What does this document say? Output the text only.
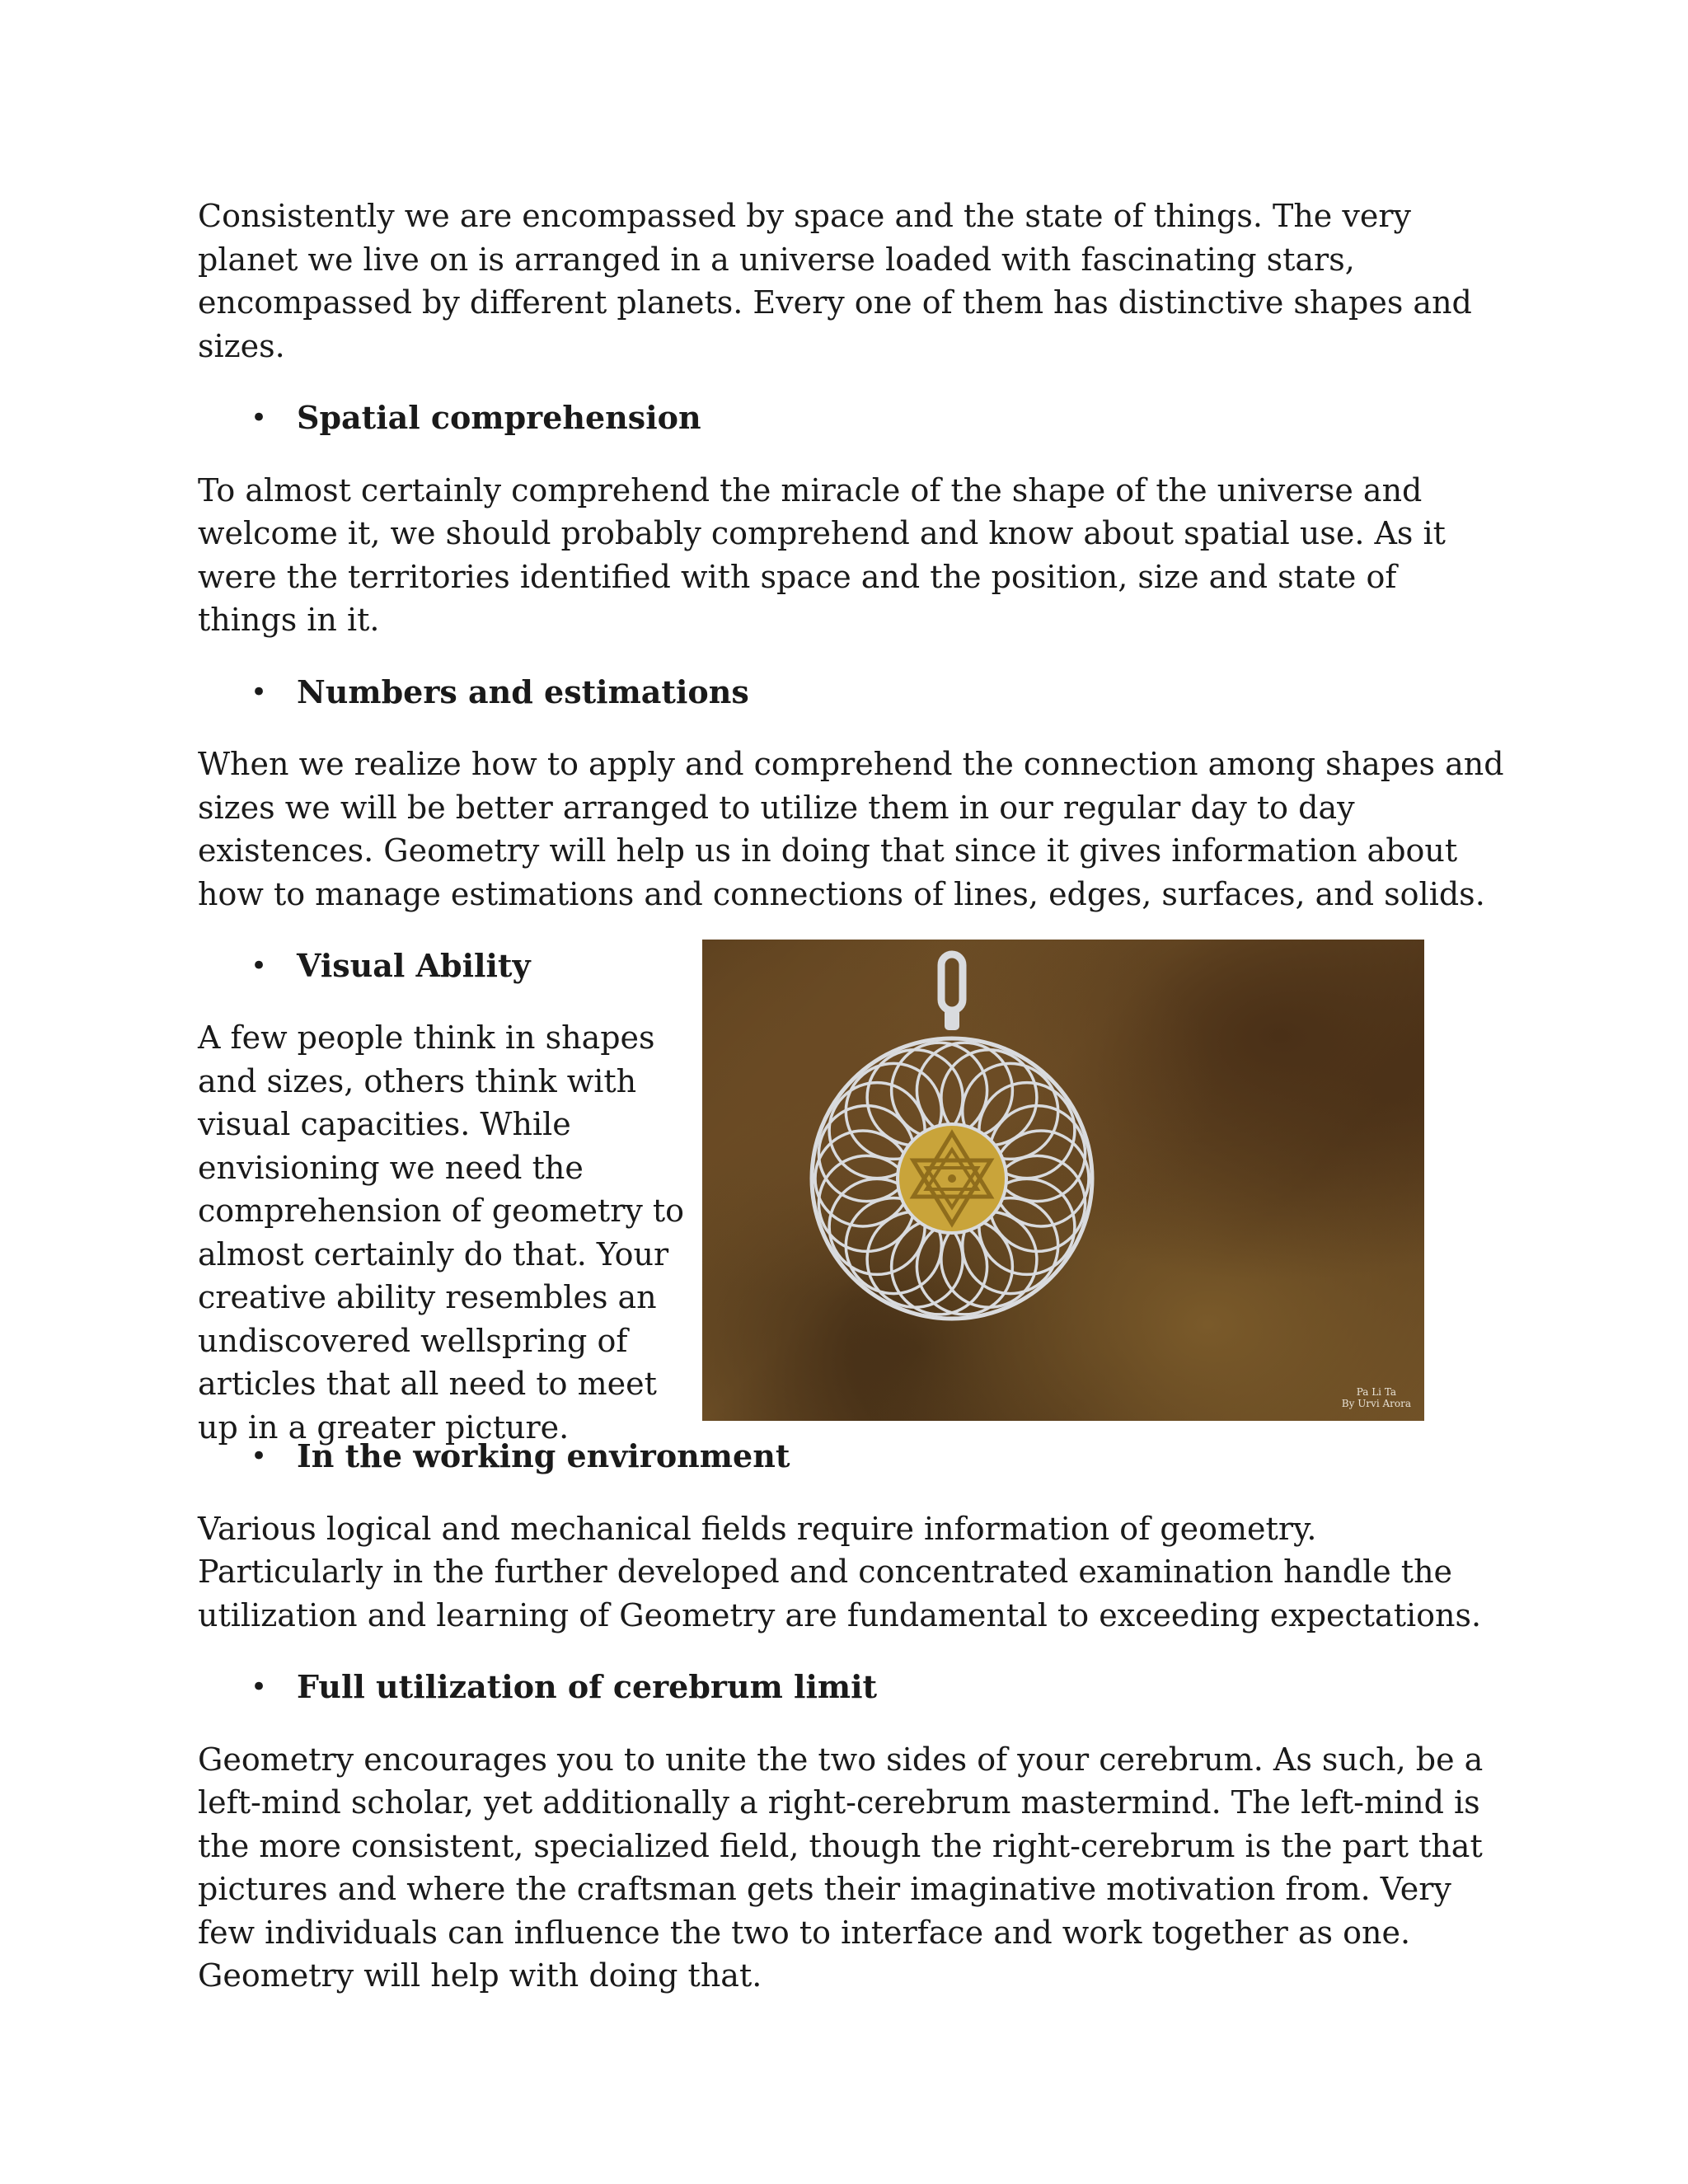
Consistently we are encompassed by space and the state of things. The very planet we live on is arranged in a universe loaded with fascinating stars, encompassed by different planets. Every one of them has distinctive shapes and sizes.

• Spatial comprehension

To almost certainly comprehend the miracle of the shape of the universe and welcome it, we should probably comprehend and know about spatial use. As it were the territories identified with space and the position, size and state of things in it.

• Numbers and estimations

When we realize how to apply and comprehend the connection among shapes and sizes we will be better arranged to utilize them in our regular day to day existences. Geometry will help us in doing that since it gives information about how to manage estimations and connections of lines, edges, surfaces, and solids.

• Visual Ability

A few people think in shapes and sizes, others think with visual capacities. While envisioning we need the comprehension of geometry to almost certainly do that. Your creative ability resembles an undiscovered wellspring of articles that all need to meet up in a greater picture.

Pa Li Ta
By Urvi Arora
• In the working environment

Various logical and mechanical fields require information of geometry. Particularly in the further developed and concentrated examination handle the utilization and learning of Geometry are fundamental to exceeding expectations.

• Full utilization of cerebrum limit

Geometry encourages you to unite the two sides of your cerebrum. As such, be a left-mind scholar, yet additionally a right-cerebrum mastermind. The left-mind is the more consistent, specialized field, though the right-cerebrum is the part that pictures and where the craftsman gets their imaginative motivation from. Very few individuals can influence the two to interface and work together as one. Geometry will help with doing that.
